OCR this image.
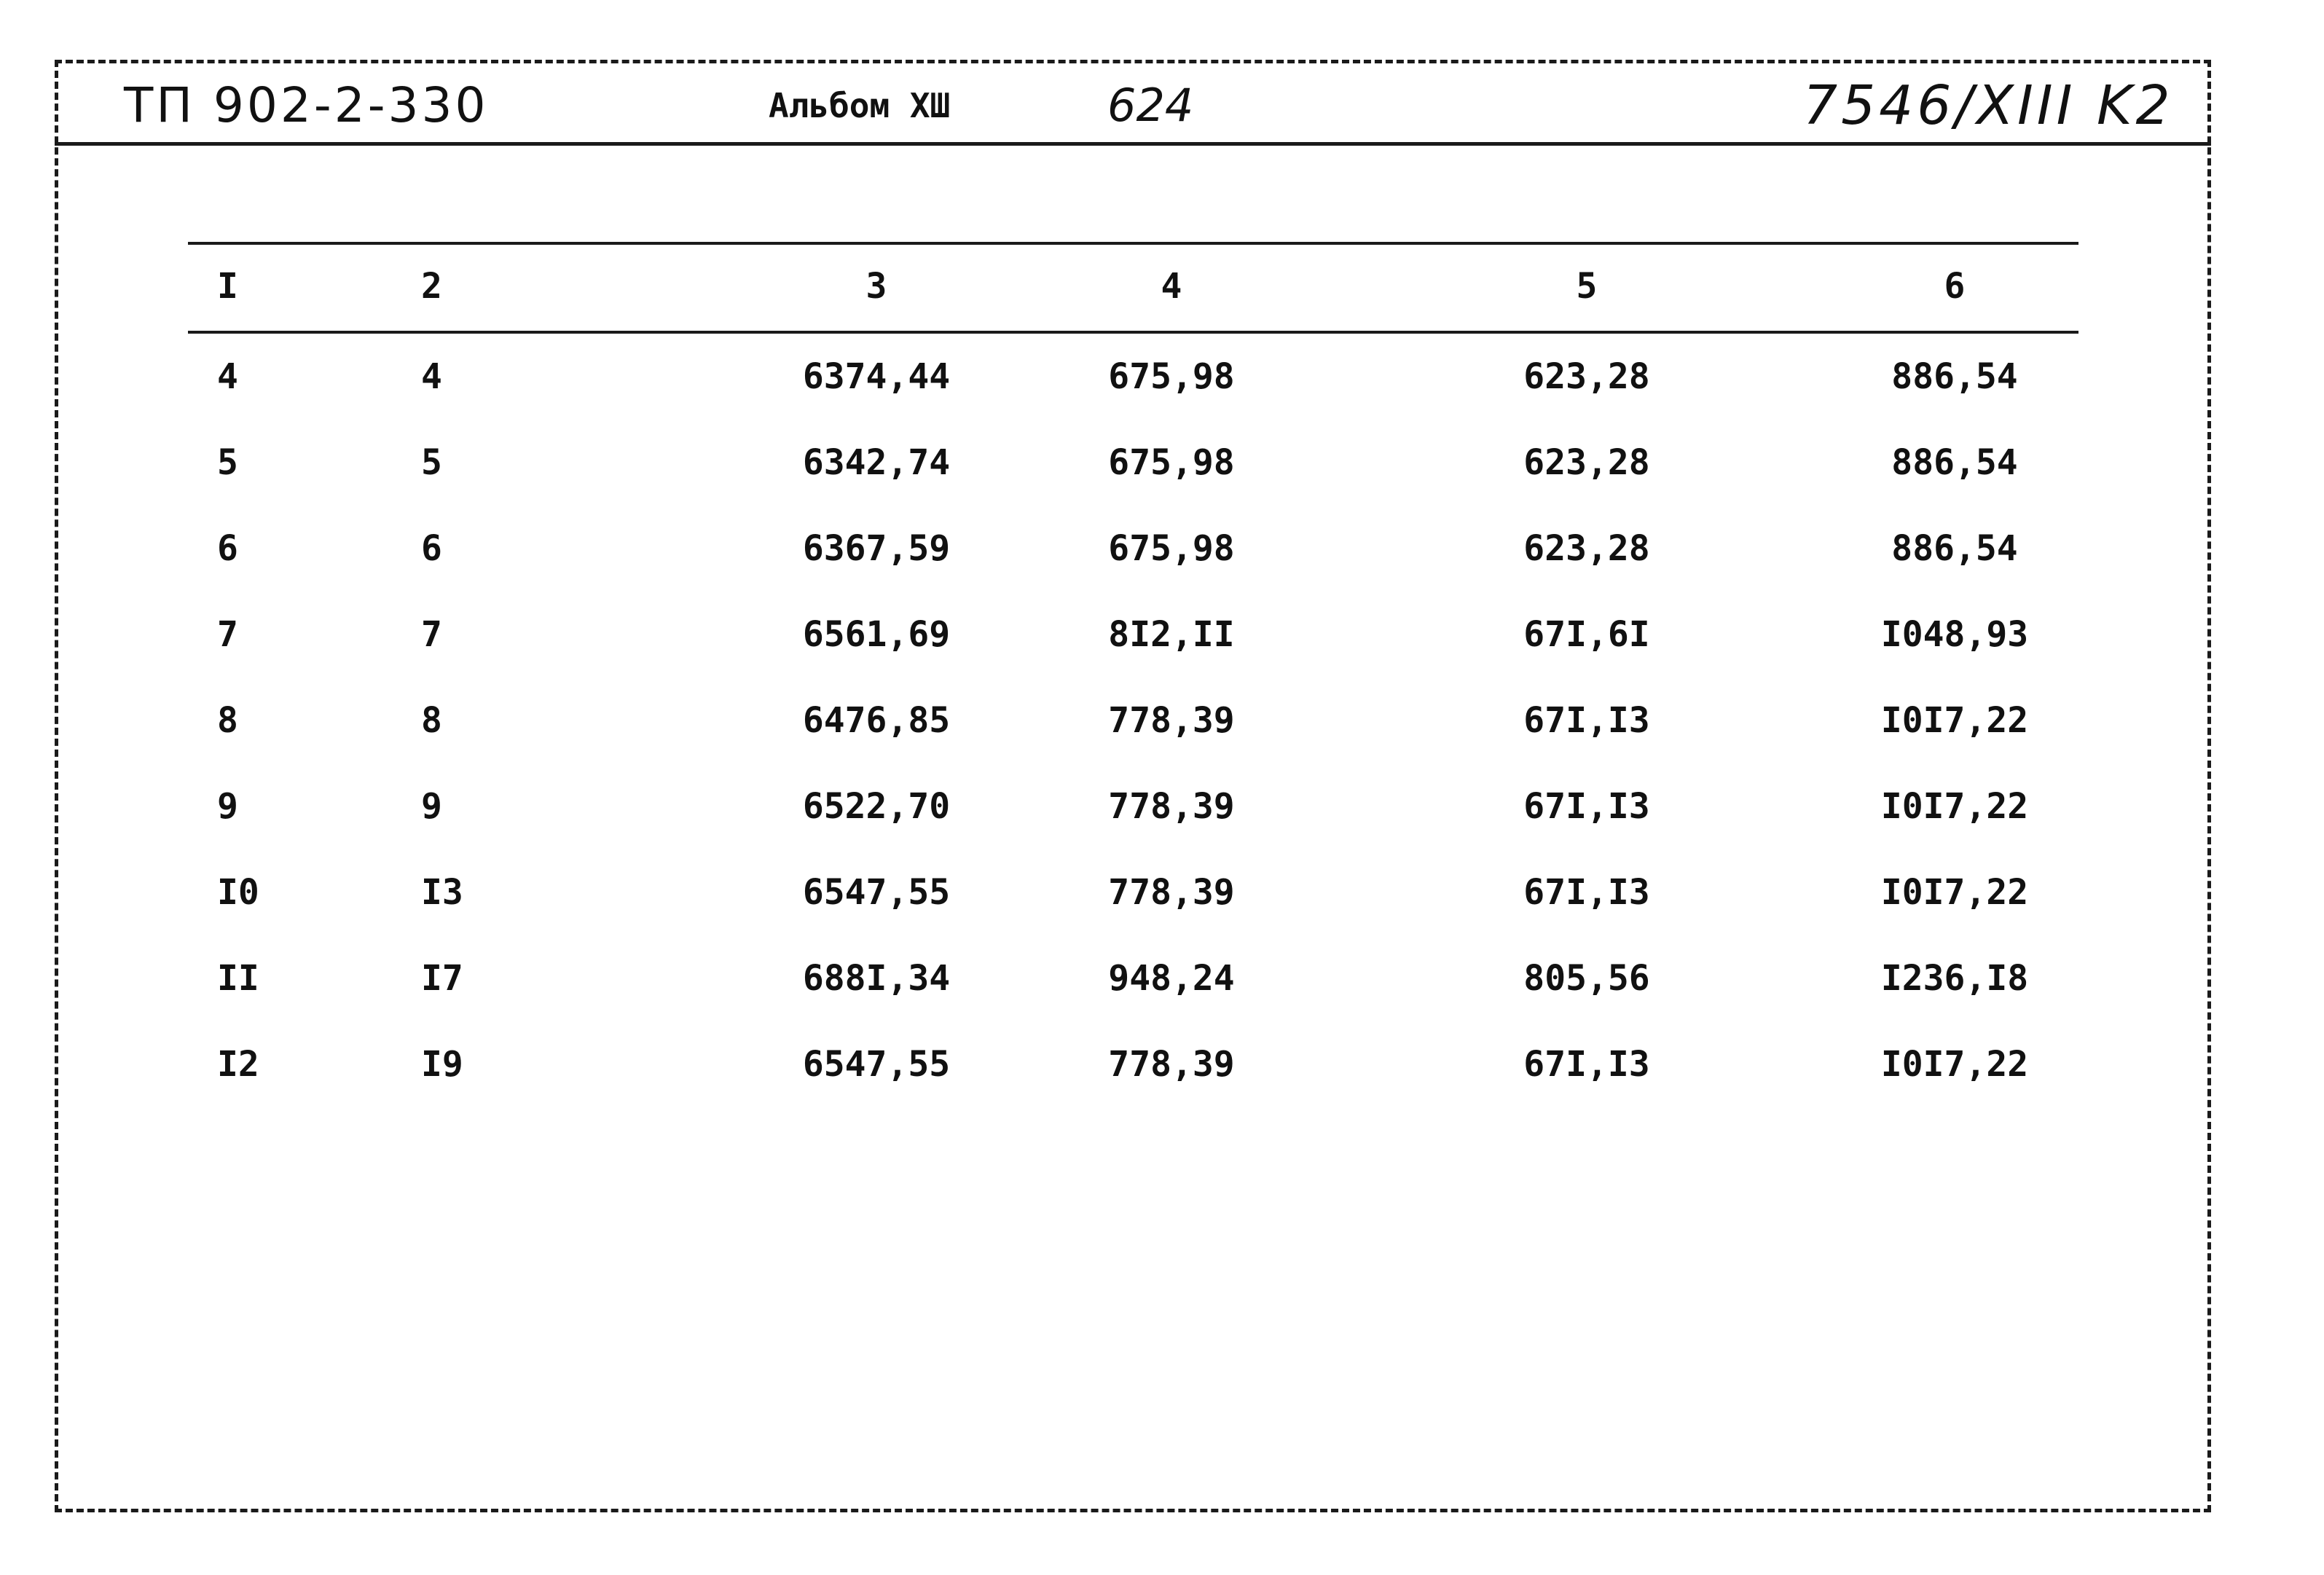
ТП 902-2-330	Альбом XШ	624	7546/XIII K2
I	2	3	4	5	6
4	4	6374,44	675,98	623,28	886,54
5	5	6342,74	675,98	623,28	886,54
6	6	6367,59	675,98	623,28	886,54
7	7	6561,69	8I2,II	67I,6I	I048,93
8	8	6476,85	778,39	67I,I3	I0I7,22
9	9	6522,70	778,39	67I,I3	I0I7,22
I0	I3	6547,55	778,39	67I,I3	I0I7,22
II	I7	688I,34	948,24	805,56	I236,I8
I2	I9	6547,55	778,39	67I,I3	I0I7,22
